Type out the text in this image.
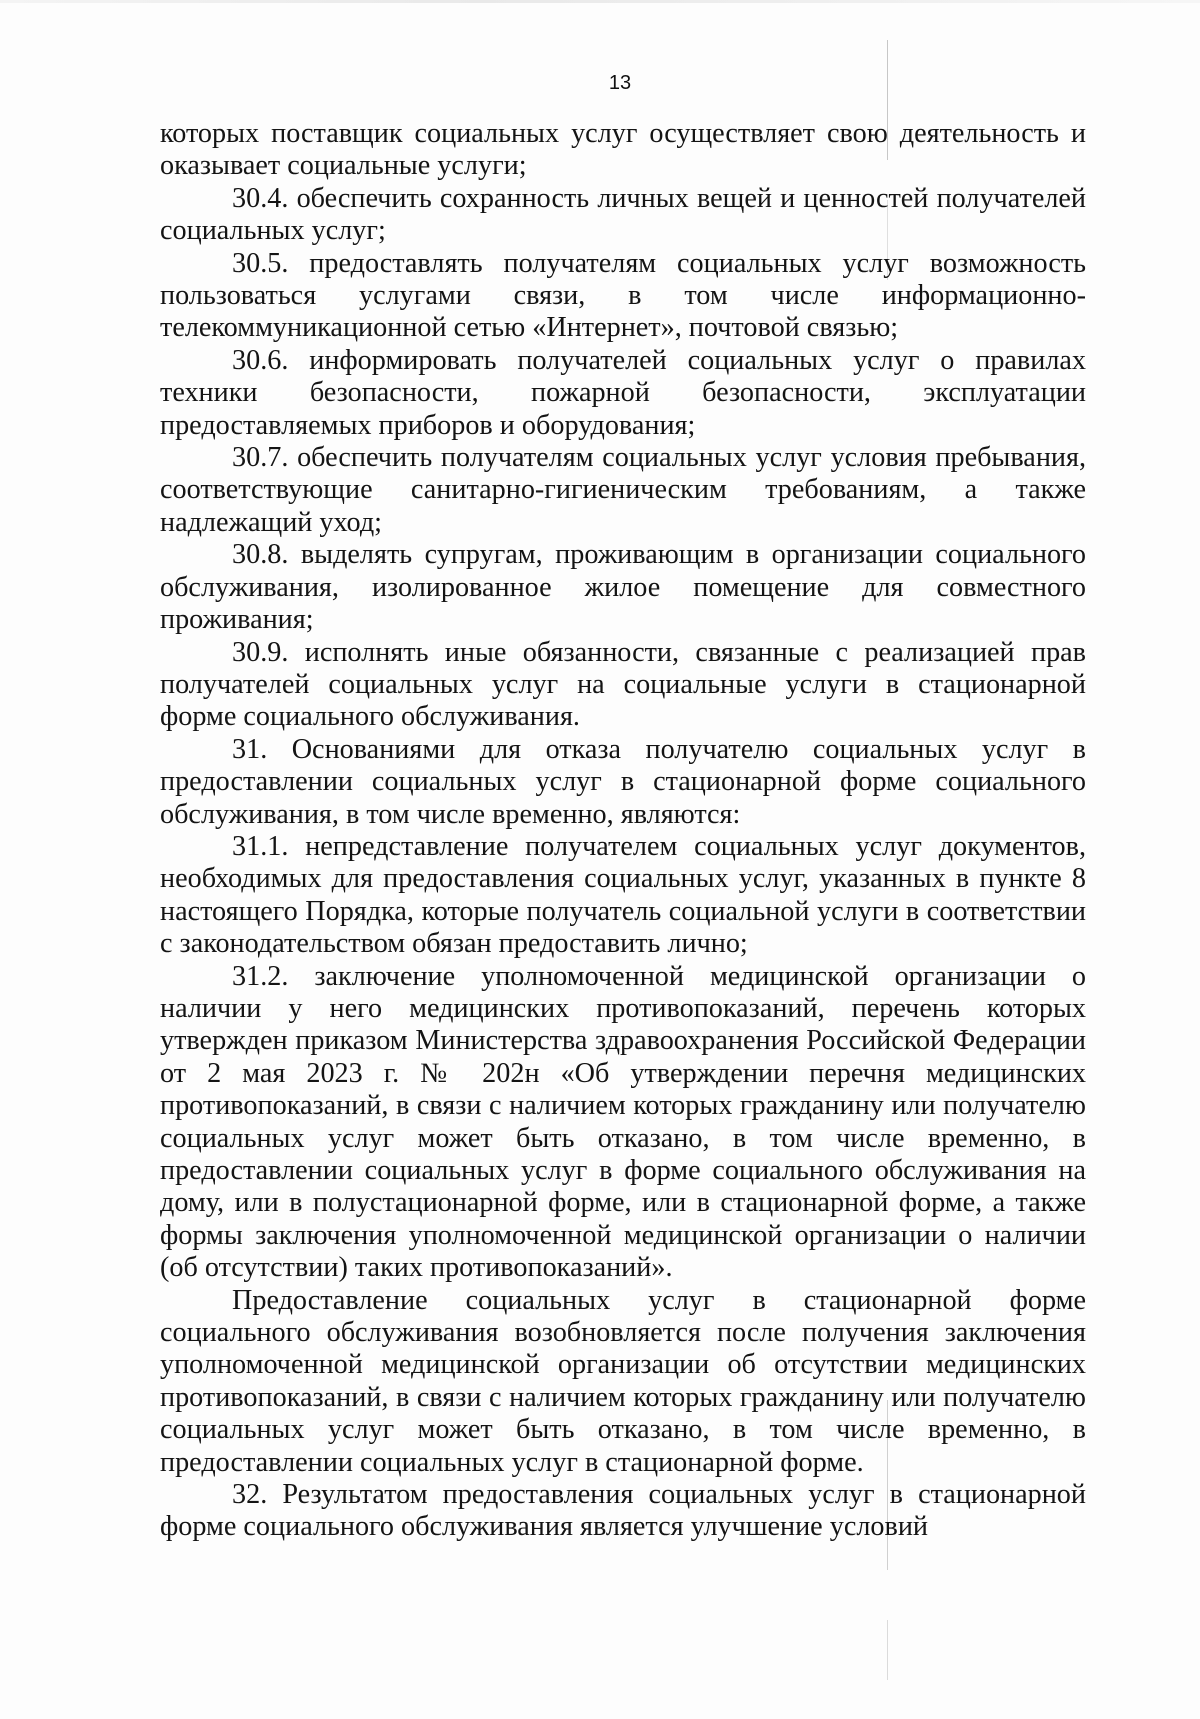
13

которых поставщик социальных услуг осуществляет свою деятельность и оказывает социальные услуги;

30.4. обеспечить сохранность личных вещей и ценностей получателей социальных услуг;

30.5. предоставлять получателям социальных услуг возможность пользоваться услугами связи, в том числе информационно-телекоммуникационной сетью «Интернет», почтовой связью;

30.6. информировать получателей социальных услуг о правилах техники безопасности, пожарной безопасности, эксплуатации предоставляемых приборов и оборудования;

30.7. обеспечить получателям социальных услуг условия пребывания, соответствующие санитарно-гигиеническим требованиям, а также надлежащий уход;

30.8. выделять супругам, проживающим в организации социального обслуживания, изолированное жилое помещение для совместного проживания;

30.9. исполнять иные обязанности, связанные с реализацией прав получателей социальных услуг на социальные услуги в стационарной форме социального обслуживания.

31. Основаниями для отказа получателю социальных услуг в предоставлении социальных услуг в стационарной форме социального обслуживания, в том числе временно, являются:

31.1. непредставление получателем социальных услуг документов, необходимых для предоставления социальных услуг, указанных в пункте 8 настоящего Порядка, которые получатель социальной услуги в соответствии с законодательством обязан предоставить лично;

31.2. заключение уполномоченной медицинской организации о наличии у него медицинских противопоказаний, перечень которых утвержден приказом Министерства здравоохранения Российской Федерации от 2 мая 2023 г. № 202н «Об утверждении перечня медицинских противопоказаний, в связи с наличием которых гражданину или получателю социальных услуг может быть отказано, в том числе временно, в предоставлении социальных услуг в форме социального обслуживания на дому, или в полустационарной форме, или в стационарной форме, а также формы заключения уполномоченной медицинской организации о наличии (об отсутствии) таких противопоказаний».

Предоставление социальных услуг в стационарной форме социального обслуживания возобновляется после получения заключения уполномоченной медицинской организации об отсутствии медицинских противопоказаний, в связи с наличием которых гражданину или получателю социальных услуг может быть отказано, в том числе временно, в предоставлении социальных услуг в стационарной форме.

32. Результатом предоставления социальных услуг в стационарной форме социального обслуживания является улучшение условий
